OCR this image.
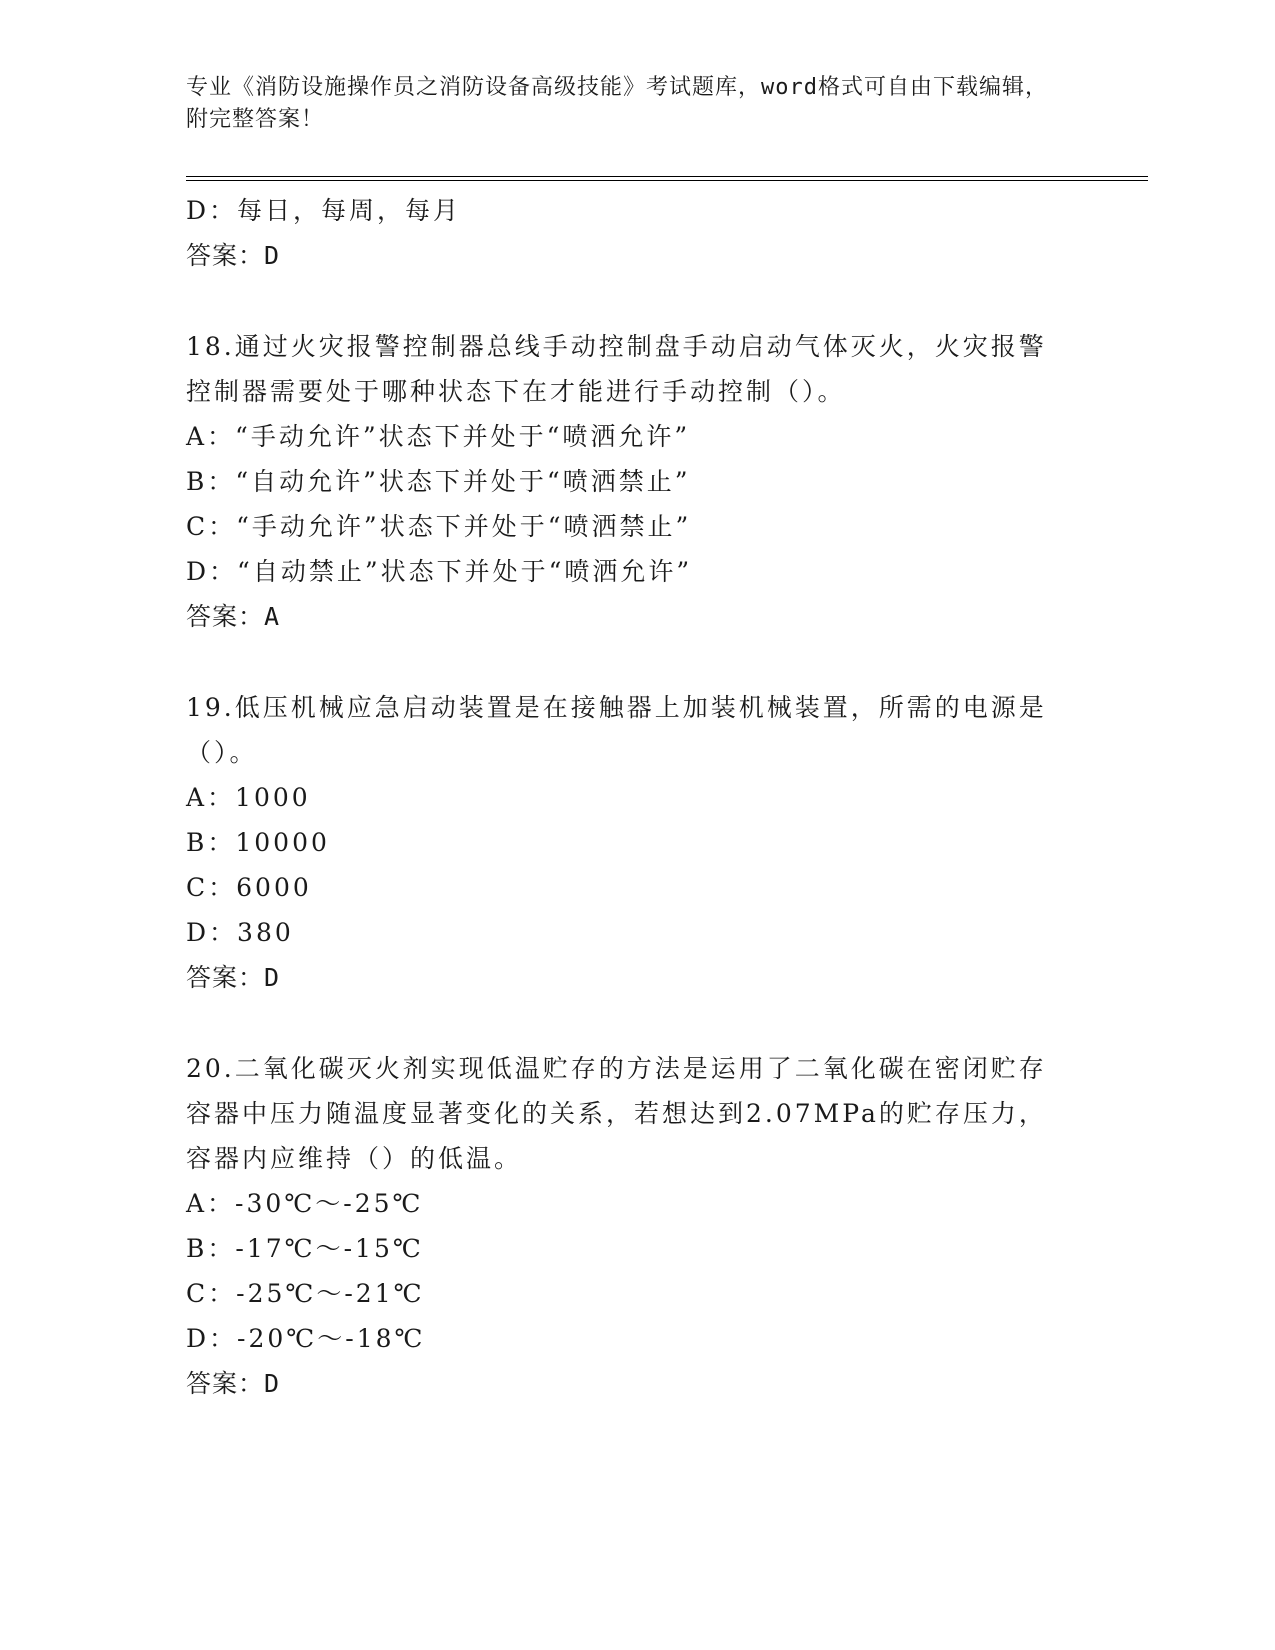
专业《消防设施操作员之消防设备高级技能》考试题库，word格式可自由下载编辑，附完整答案！
D：每日，每周，每月
答案：D
18.通过火灾报警控制器总线手动控制盘手动启动气体灭火，火灾报警
控制器需要处于哪种状态下在才能进行手动控制（）。
A：“手动允许”状态下并处于“喷洒允许”
B：“自动允许”状态下并处于“喷洒禁止”
C：“手动允许”状态下并处于“喷洒禁止”
D：“自动禁止”状态下并处于“喷洒允许”
答案：A
19.低压机械应急启动装置是在接触器上加装机械装置，所需的电源是
（）。
A：1000
B：10000
C：6000
D：380
答案：D
20.二氧化碳灭火剂实现低温贮存的方法是运用了二氧化碳在密闭贮存
容器中压力随温度显著变化的关系，若想达到2.07MPa的贮存压力，
容器内应维持（）的低温。
A：-30℃～-25℃
B：-17℃～-15℃
C：-25℃～-21℃
D：-20℃～-18℃
答案：D
